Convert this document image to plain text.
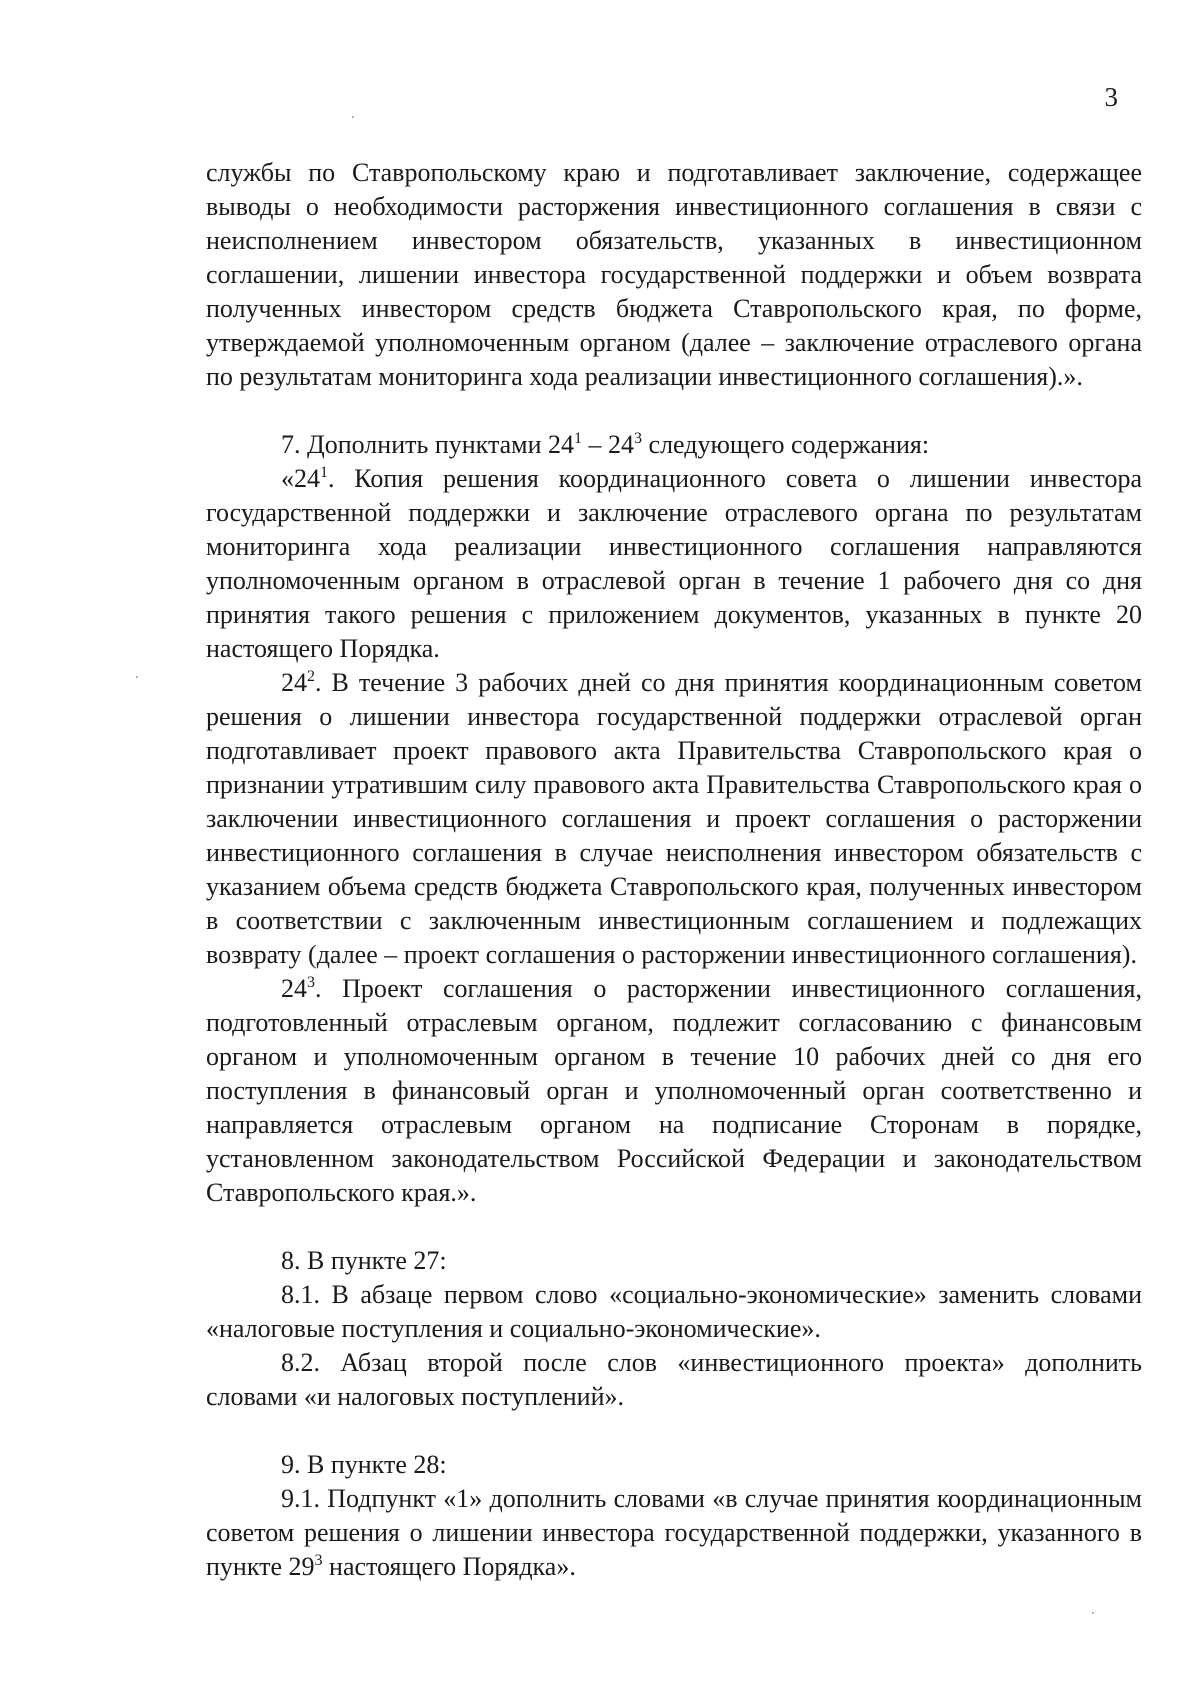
3

службы по Ставропольскому краю и подготавливает заключение, содержащее выводы о необходимости расторжения инвестиционного соглашения в связи с неисполнением инвестором обязательств, указанных в инвестиционном соглашении, лишении инвестора государственной поддержки и объем возврата полученных инвестором средств бюджета Ставропольского края, по форме, утверждаемой уполномоченным органом (далее – заключение отраслевого органа по результатам мониторинга хода реализации инвестиционного соглашения).».

7. Дополнить пунктами $24^1 - 24^3$ следующего содержания:

«$24^1$. Копия решения координационного совета о лишении инвестора государственной поддержки и заключение отраслевого органа по результатам мониторинга хода реализации инвестиционного соглашения направляются уполномоченным органом в отраслевой орган в течение 1 рабочего дня со дня принятия такого решения с приложением документов, указанных в пункте 20 настоящего Порядка.

$24^2$. В течение 3 рабочих дней со дня принятия координационным советом решения о лишении инвестора государственной поддержки отраслевой орган подготавливает проект правового акта Правительства Ставропольского края о признании утратившим силу правового акта Правительства Ставропольского края о заключении инвестиционного соглашения и проект соглашения о расторжении инвестиционного соглашения в случае неисполнения инвестором обязательств с указанием объема средств бюджета Ставропольского края, полученных инвестором в соответствии с заключенным инвестиционным соглашением и подлежащих возврату (далее – проект соглашения о расторжении инвестиционного соглашения).

$24^3$. Проект соглашения о расторжении инвестиционного соглашения, подготовленный отраслевым органом, подлежит согласованию с финансовым органом и уполномоченным органом в течение 10 рабочих дней со дня его поступления в финансовый орган и уполномоченный орган соответственно и направляется отраслевым органом на подписание Сторонам в порядке, установленном законодательством Российской Федерации и законодательством Ставропольского края.».

8. В пункте 27:

8.1. В абзаце первом слово «социально-экономические» заменить словами «налоговые поступления и социально-экономические».

8.2. Абзац второй после слов «инвестиционного проекта» дополнить словами «и налоговых поступлений».

9. В пункте 28:

9.1. Подпункт «1» дополнить словами «в случае принятия координационным советом решения о лишении инвестора государственной поддержки, указанного в пункте $29^3$ настоящего Порядка».
